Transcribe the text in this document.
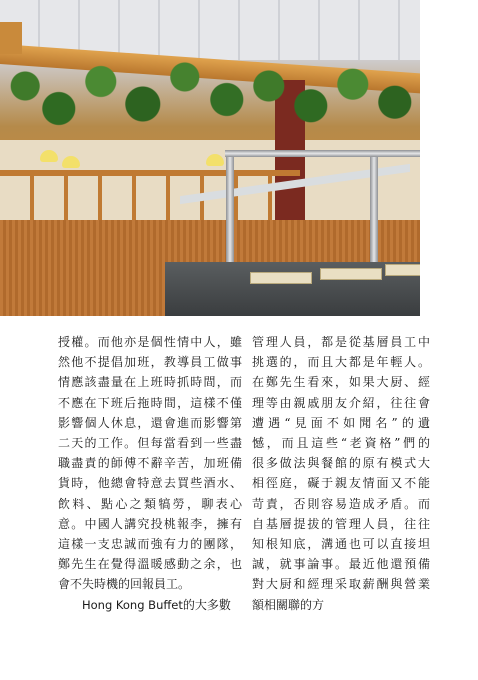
授權。而他亦是個性情中人，雖
然他不提倡加班，教導員工做事
情應該盡量在上班時抓時間，而
不應在下班后拖時間，這樣不僅
影響個人休息，還會進而影響第
二天的工作。但每當看到一些盡
職盡責的師傅不辭辛苦，加班備
貨時，他總會特意去買些酒水、
飲料、點心之類犒勞，聊表心
意。中國人講究投桃報李，擁有
這樣一支忠誠而強有力的團隊，
鄭先生在覺得溫暖感動之余，也
會不失時機的回報員工。
Hong Kong Buffet的大多數
管理人員，都是從基層員工中
挑選的，而且大都是年輕人。
在鄭先生看來，如果大厨、經
理等由親戚朋友介紹，往往會
遭遇“見面不如聞名”的遺
憾，而且這些“老資格”們的
很多做法與餐館的原有模式大
相徑庭，礙于親友情面又不能
苛責，否則容易造成矛盾。而
自基層提拔的管理人員，往往
知根知底，溝通也可以直接坦
誠，就事論事。最近他還預備
對大厨和經理采取薪酬與營業
額相關聯的方
